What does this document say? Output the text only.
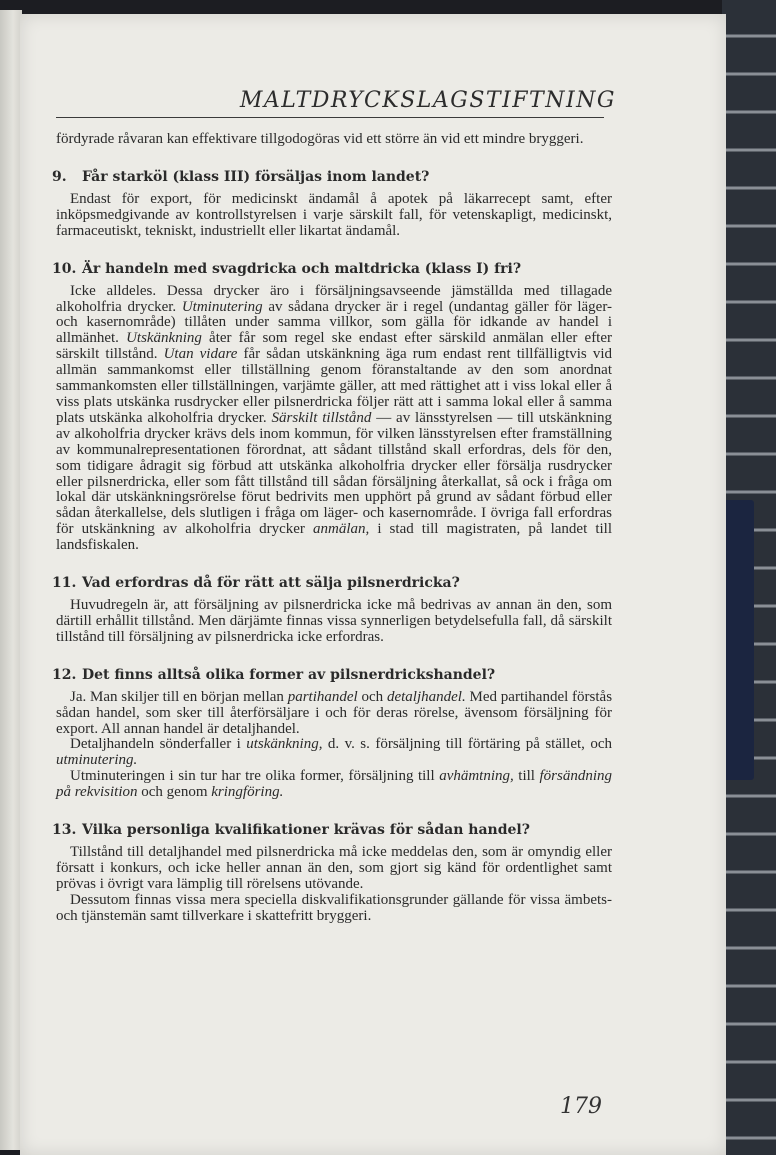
MALTDRYCKSLAGSTIFTNING

fördyrade råvaran kan effektivare tillgodogöras vid ett större än vid ett mindre bryggeri.

9. Får starköl (klass III) försäljas inom landet?

Endast för export, för medicinskt ändamål å apotek på läkarrecept samt, efter inköpsmedgivande av kontrollstyrelsen i varje särskilt fall, för vetenskapligt, medicinskt, farmaceutiskt, tekniskt, industriellt eller likartat ändamål.

10. Är handeln med svagdricka och maltdricka (klass I) fri?

Icke alldeles. Dessa drycker äro i försäljningsavseende jämställda med tillagade alkoholfria drycker. Utminutering av sådana drycker är i regel (undantag gäller för läger- och kasernområde) tillåten under samma villkor, som gälla för idkande av handel i allmänhet. Utskänkning åter får som regel ske endast efter särskild anmälan eller efter särskilt tillstånd. Utan vidare får sådan utskänkning äga rum endast rent tillfälligtvis vid allmän sammankomst eller tillställning genom föranstaltande av den som anordnat sammankomsten eller tillställningen, varjämte gäller, att med rättighet att i viss lokal eller å viss plats utskänka rusdrycker eller pilsnerdricka följer rätt att i samma lokal eller å samma plats utskänka alkoholfria drycker. Särskilt tillstånd — av länsstyrelsen — till utskänkning av alkoholfria drycker krävs dels inom kommun, för vilken länsstyrelsen efter framställning av kommunalrepresentationen förordnat, att sådant tillstånd skall erfordras, dels för den, som tidigare ådragit sig förbud att utskänka alkoholfria drycker eller försälja rusdrycker eller pilsnerdricka, eller som fått tillstånd till sådan försäljning återkallat, så ock i fråga om lokal där utskänkningsrörelse förut bedrivits men upphört på grund av sådant förbud eller sådan återkallelse, dels slutligen i fråga om läger- och kasernområde. I övriga fall erfordras för utskänkning av alkoholfria drycker anmälan, i stad till magistraten, på landet till landsfiskalen.

11. Vad erfordras då för rätt att sälja pilsnerdricka?

Huvudregeln är, att försäljning av pilsnerdricka icke må bedrivas av annan än den, som därtill erhållit tillstånd. Men därjämte finnas vissa synnerligen betydelsefulla fall, då särskilt tillstånd till försäljning av pilsnerdricka icke erfordras.

12. Det finns alltså olika former av pilsnerdrickshandel?

Ja. Man skiljer till en början mellan partihandel och detaljhandel. Med partihandel förstås sådan handel, som sker till återförsäljare i och för deras rörelse, ävensom försäljning för export. All annan handel är detaljhandel.

Detaljhandeln sönderfaller i utskänkning, d. v. s. försäljning till förtäring på stället, och utminutering.

Utminuteringen i sin tur har tre olika former, försäljning till avhämtning, till försändning på rekvisition och genom kringföring.

13. Vilka personliga kvalifikationer krävas för sådan handel?

Tillstånd till detaljhandel med pilsnerdricka må icke meddelas den, som är omyndig eller försatt i konkurs, och icke heller annan än den, som gjort sig känd för ordentlighet samt prövas i övrigt vara lämplig till rörelsens utövande.

Dessutom finnas vissa mera speciella diskvalifikationsgrunder gällande för vissa ämbets- och tjänstemän samt tillverkare i skattefritt bryggeri.

179
